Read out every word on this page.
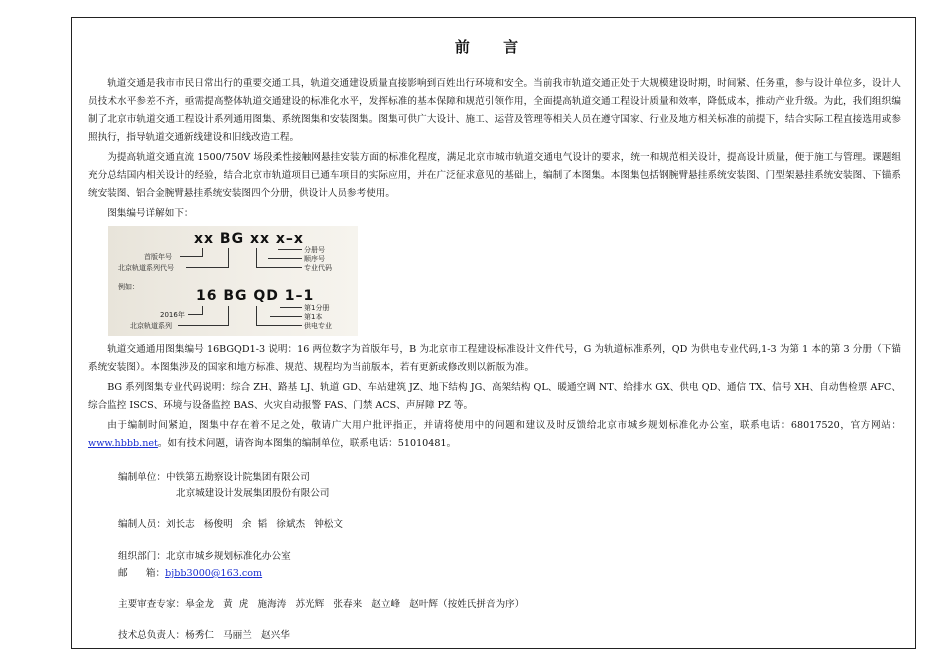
前 言

轨道交通是我市市民日常出行的重要交通工具，轨道交通建设质量直接影响到百姓出行环境和安全。当前我市轨道交通正处于大规模建设时期，时间紧、任务重，参与设计单位多，设计人员技术水平参差不齐，亟需提高整体轨道交通建设的标准化水平，发挥标准的基本保障和规范引领作用，全面提高轨道交通工程设计质量和效率，降低成本，推动产业升级。为此，我们组织编制了北京市轨道交通工程设计系列通用图集、系统图集和安装图集。图集可供广大设计、施工、运营及管理等相关人员在遵守国家、行业及地方相关标准的前提下，结合实际工程直接选用或参照执行，指导轨道交通新线建设和旧线改造工程。

为提高轨道交通直流 1500/750V 场段柔性接触网悬挂安装方面的标准化程度，满足北京市城市轨道交通电气设计的要求，统一和规范相关设计，提高设计质量，便于施工与管理。课题组充分总结国内相关设计的经验，结合北京市轨道项目已通车项目的实际应用，并在广泛征求意见的基础上，编制了本图集。本图集包括钢腕臂悬挂系统安装图、门型架悬挂系统安装图、下锚系统安装图、铝合金腕臂悬挂系统安装图四个分册，供设计人员参考使用。

图集编号详解如下：

xx BG xx x–x
首版年号
北京轨道系列代号
分册号
顺序号
专业代码
例如：
16 BG QD 1–1
2016年
北京轨道系列
第1分册
第1本
供电专业

轨道交通通用图集编号 16BGQD1-3 说明：16 两位数字为首版年号，B 为北京市工程建设标准设计文件代号，G 为轨道标准系列，QD 为供电专业代码,1-3 为第 1 本的第 3 分册（下锚系统安装图）。本图集涉及的国家和地方标准、规范、规程均为当前版本，若有更新或修改则以新版为准。

BG 系列图集专业代码说明：综合 ZH、路基 LJ、轨道 GD、车站建筑 JZ、地下结构 JG、高架结构 QL、暖通空调 NT、给排水 GX、供电 QD、通信 TX、信号 XH、自动售检票 AFC、综合监控 ISCS、环境与设备监控 BAS、火灾自动报警 FAS、门禁 ACS、声屏障 PZ 等。

由于编制时间紧迫，图集中存在着不足之处，敬请广大用户批评指正，并请将使用中的问题和建议及时反馈给北京市城乡规划标准化办公室，联系电话：68017520，官方网站：www.hbbb.net。如有技术问题，请咨询本图集的编制单位，联系电话：51010481。

编制单位：中铁第五勘察设计院集团有限公司
北京城建设计发展集团股份有限公司
编制人员：刘长志   杨俊明   余  韬   徐斌杰   钟松文
组织部门：北京市城乡规划标准化办公室
邮      箱：bjbb3000@163.com
主要审查专家：皋金龙   黄  虎   施海涛   苏光辉   张春来   赵立峰   赵叶辉（按姓氏拼音为序）
技术总负责人：杨秀仁   马丽兰   赵兴华
